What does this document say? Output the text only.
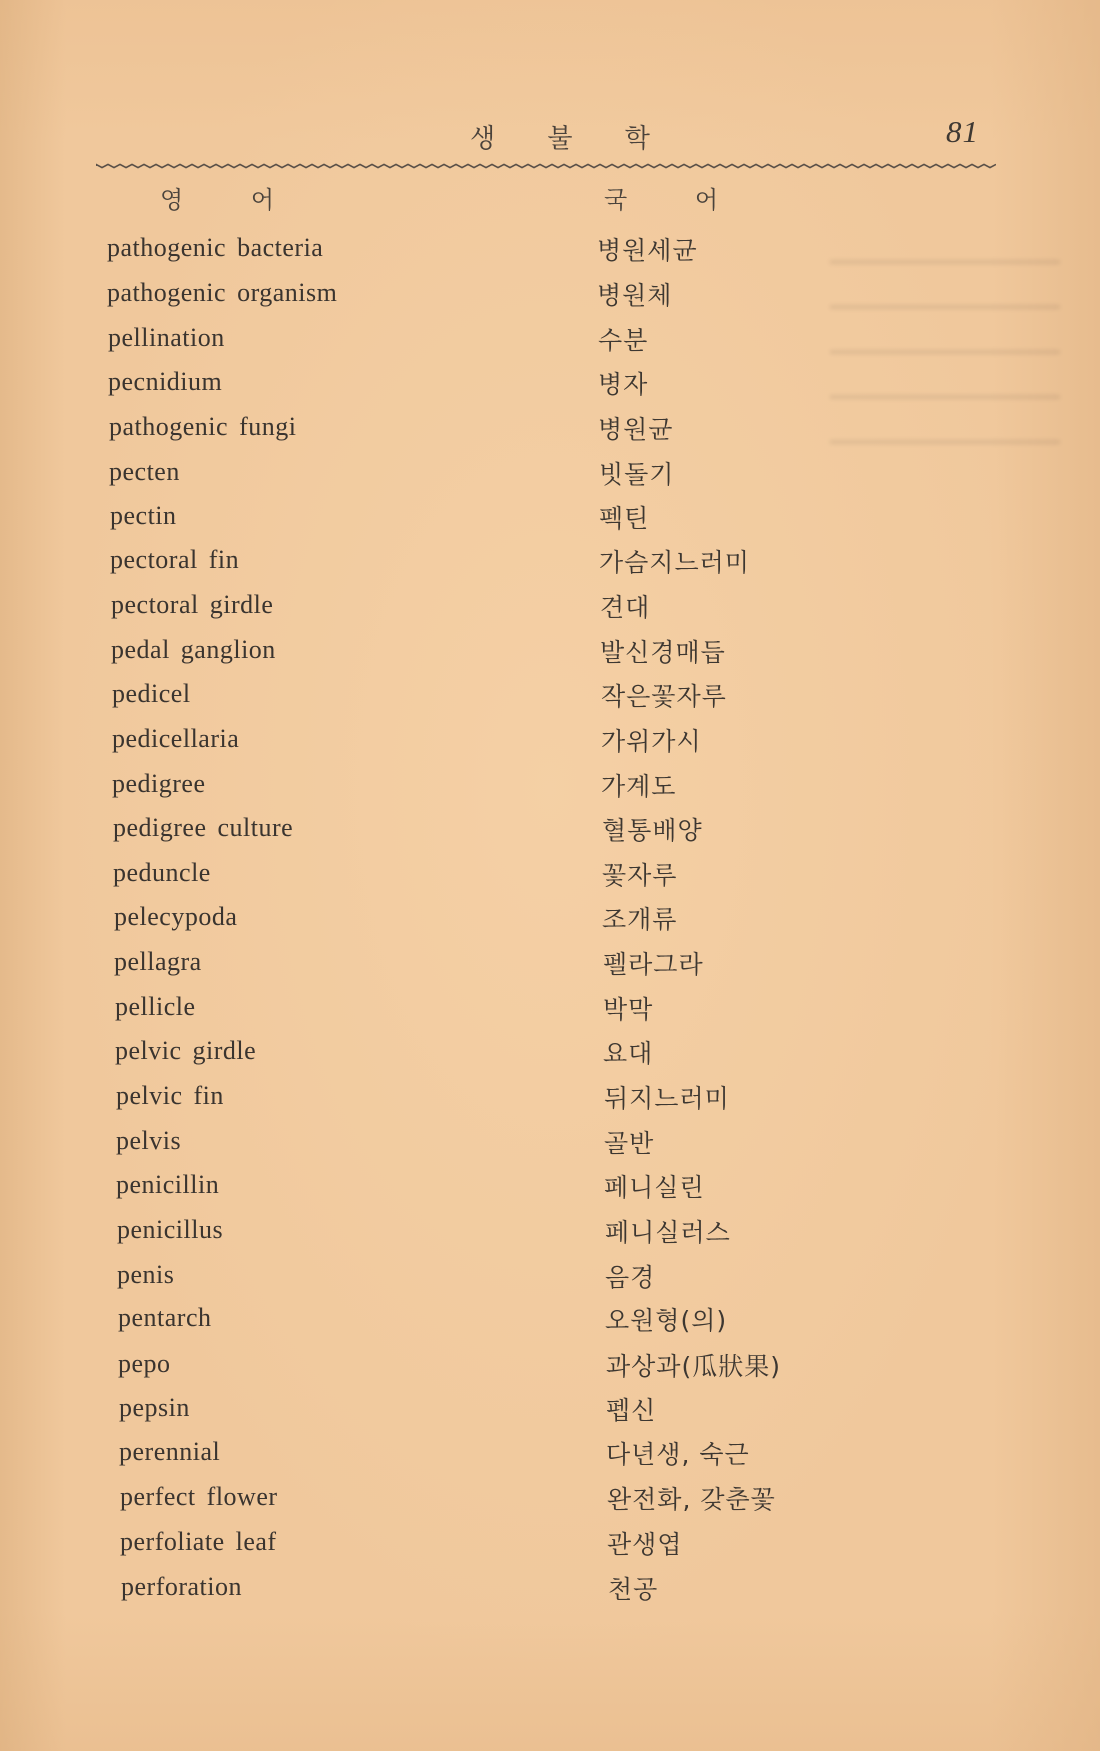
생 불 학	81
영 어	국 어
pathogenic bacteria	병원세균
pathogenic organism	병원체
pellination	수분
pecnidium	병자
pathogenic fungi	병원균
pecten	빗돌기
pectin	펙틴
pectoral fin	가슴지느러미
pectoral girdle	견대
pedal ganglion	발신경매듭
pedicel	작은꽃자루
pedicellaria	가위가시
pedigree	가계도
pedigree culture	혈통배양
peduncle	꽃자루
pelecypoda	조개류
pellagra	펠라그라
pellicle	박막
pelvic girdle	요대
pelvic fin	뒤지느러미
pelvis	골반
penicillin	페니실린
penicillus	페니실러스
penis	음경
pentarch	오원형(의)
pepo	과상과(瓜狀果)
pepsin	펩신
perennial	다년생, 숙근
perfect flower	완전화, 갖춘꽃
perfoliate leaf	관생엽
perforation	천공
